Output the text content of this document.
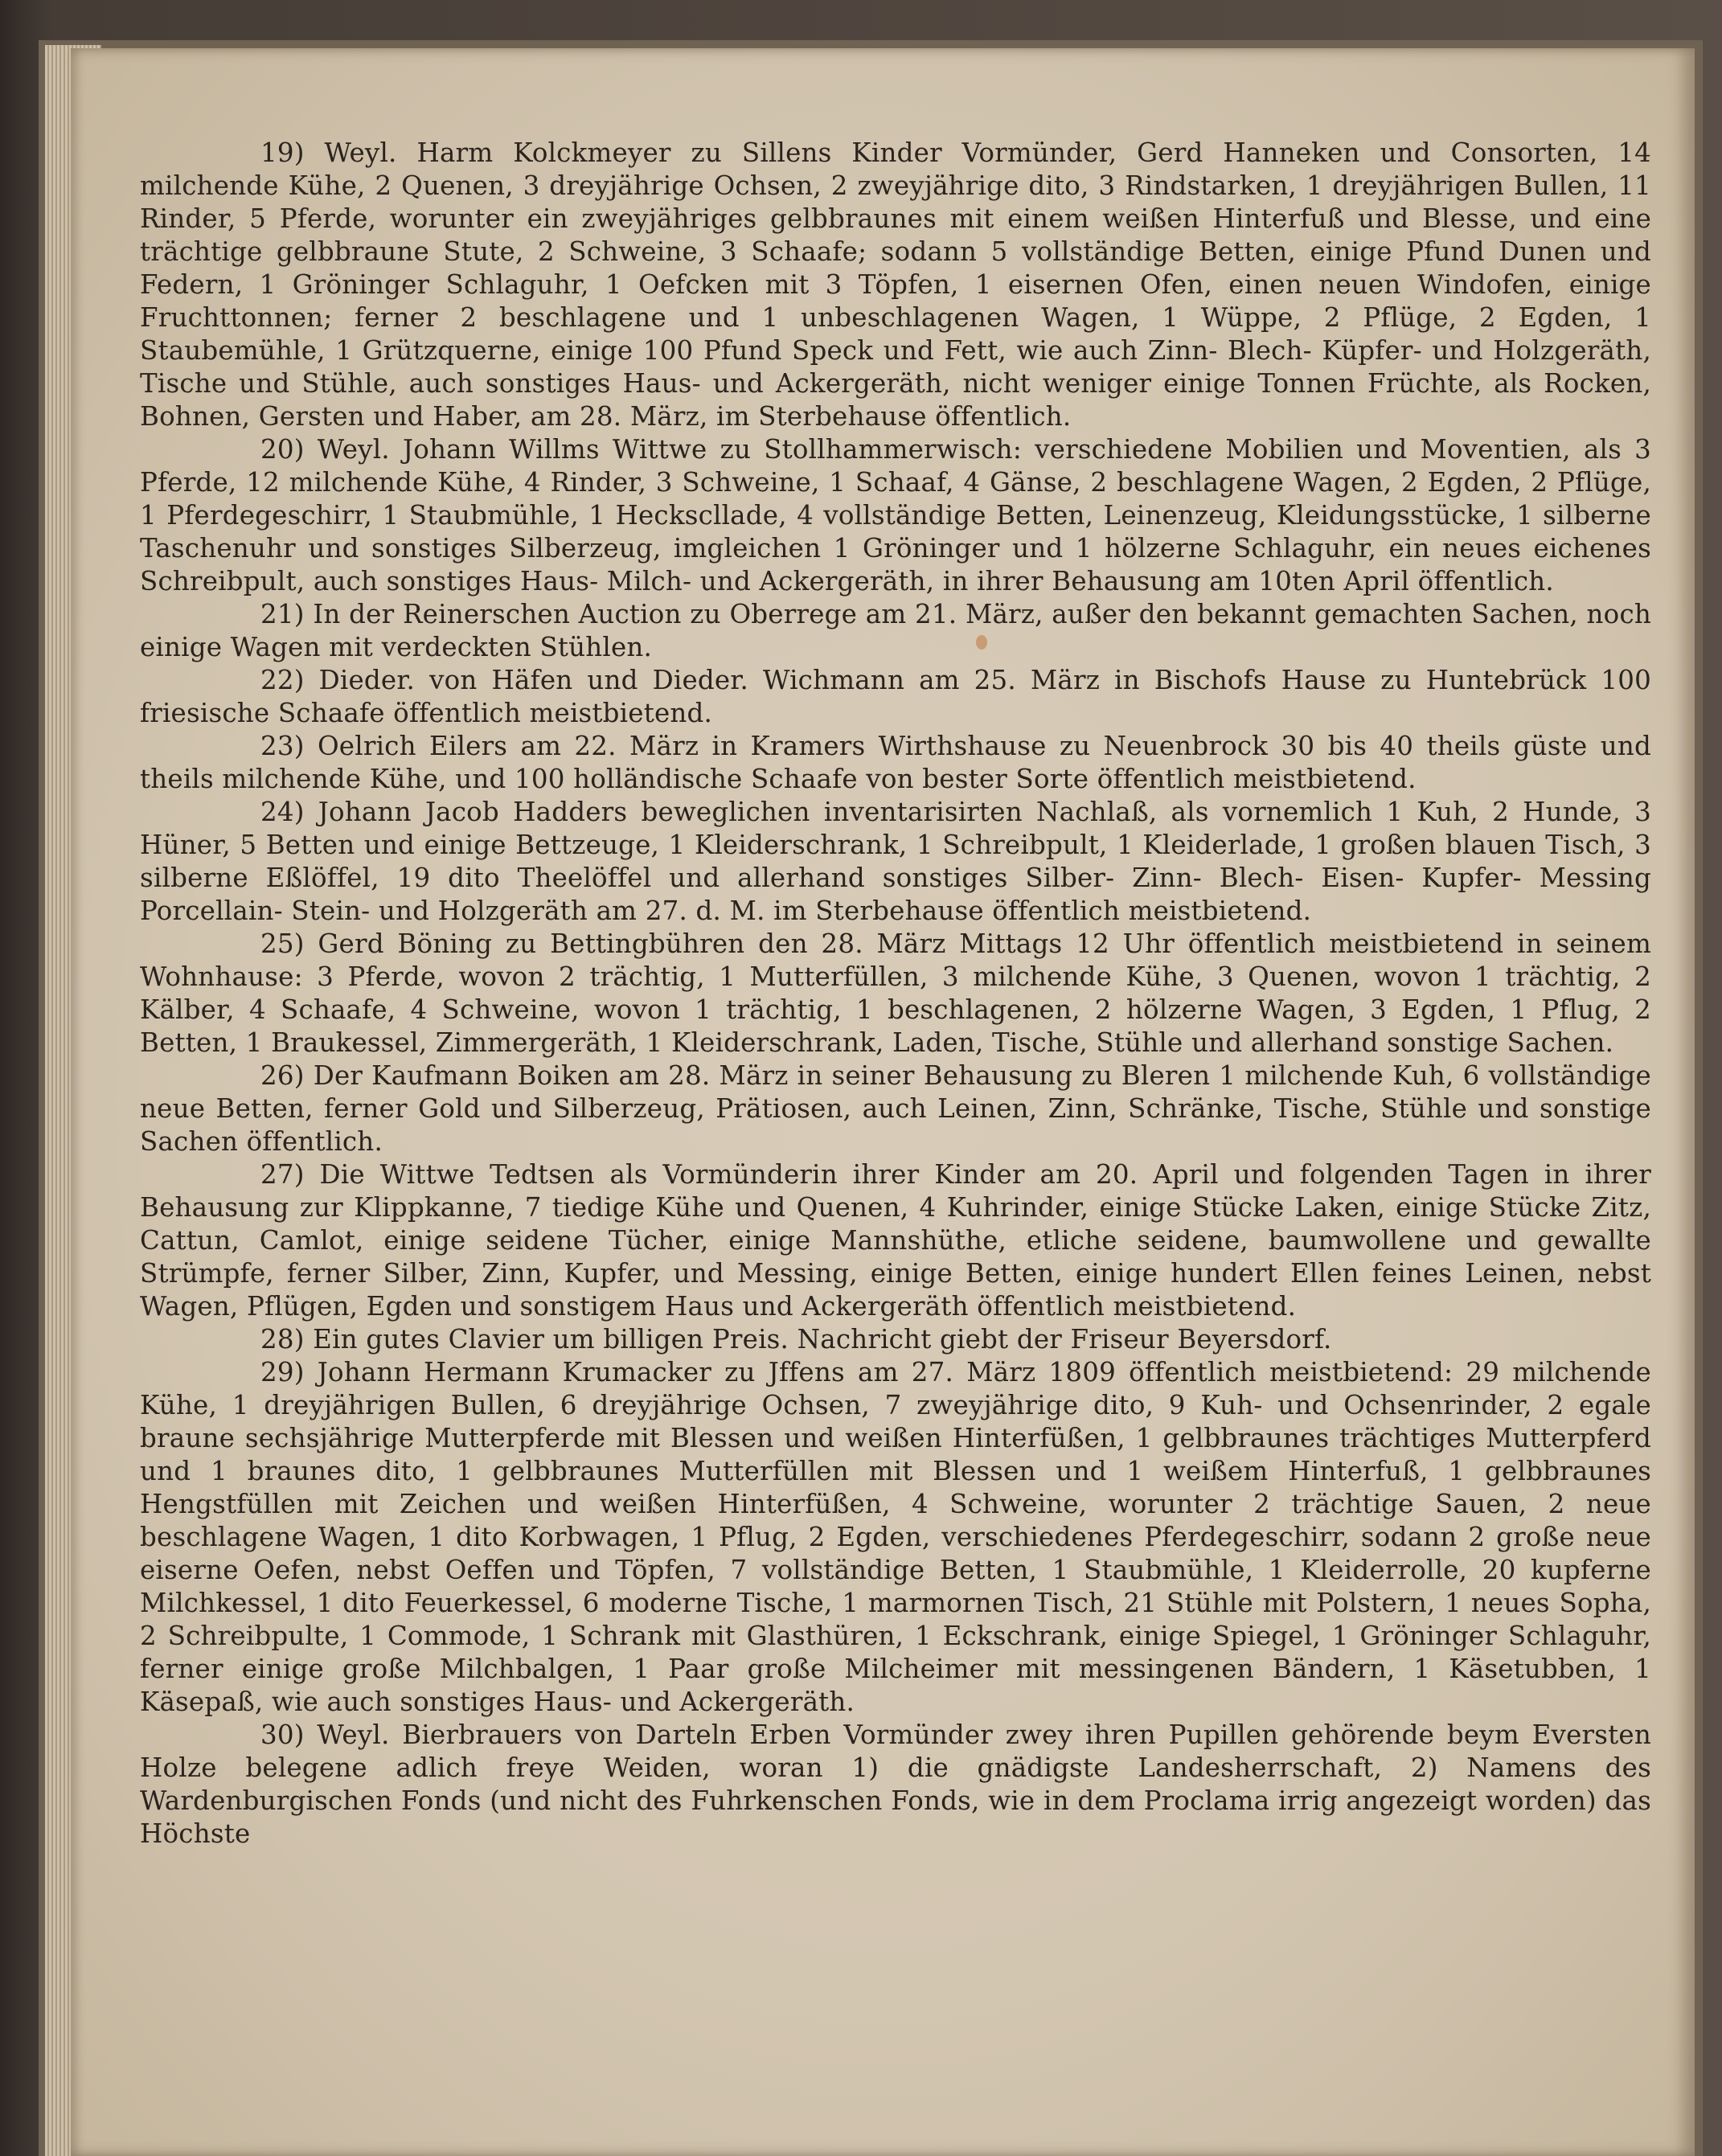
19) Weyl. Harm Kolckmeyer zu Sillens Kinder Vormünder, Gerd Hanneken und Consorten, 14 milchende Kühe, 2 Quenen, 3 dreyjährige Ochsen, 2 zweyjährige dito, 3 Rindstarken, 1 dreyjährigen Bullen, 11 Rinder, 5 Pferde, worunter ein zweyjähriges gelbbraunes mit einem weißen Hinterfuß und Blesse, und eine trächtige gelbbraune Stute, 2 Schweine, 3 Schaafe; sodann 5 vollständige Betten, einige Pfund Dunen und Federn, 1 Gröninger Schlaguhr, 1 Oefcken mit 3 Töpfen, 1 eisernen Ofen, einen neuen Windofen, einige Fruchttonnen; ferner 2 beschlagene und 1 unbeschlagenen Wagen, 1 Wüppe, 2 Pflüge, 2 Egden, 1 Staubemühle, 1 Grützquerne, einige 100 Pfund Speck und Fett, wie auch Zinn- Blech- Küpfer- und Holzgeräth, Tische und Stühle, auch sonstiges Haus- und Ackergeräth, nicht weniger einige Tonnen Früchte, als Rocken, Bohnen, Gersten und Haber, am 28. März, im Sterbehause öffentlich.

20) Weyl. Johann Willms Wittwe zu Stollhammerwisch: verschiedene Mobilien und Moventien, als 3 Pferde, 12 milchende Kühe, 4 Rinder, 3 Schweine, 1 Schaaf, 4 Gänse, 2 beschlagene Wagen, 2 Egden, 2 Pflüge, 1 Pferdegeschirr, 1 Staubmühle, 1 Heckscllade, 4 vollständige Betten, Leinenzeug, Kleidungsstücke, 1 silberne Taschenuhr und sonstiges Silberzeug, imgleichen 1 Gröninger und 1 hölzerne Schlaguhr, ein neues eichenes Schreibpult, auch sonstiges Haus- Milch- und Ackergeräth, in ihrer Behausung am 10ten April öffentlich.

21) In der Reinerschen Auction zu Oberrege am 21. März, außer den bekannt gemachten Sachen, noch einige Wagen mit verdeckten Stühlen.

22) Dieder. von Häfen und Dieder. Wichmann am 25. März in Bischofs Hause zu Huntebrück 100 friesische Schaafe öffentlich meistbietend.

23) Oelrich Eilers am 22. März in Kramers Wirthshause zu Neuenbrock 30 bis 40 theils güste und theils milchende Kühe, und 100 holländische Schaafe von bester Sorte öffentlich meistbietend.

24) Johann Jacob Hadders beweglichen inventarisirten Nachlaß, als vornemlich 1 Kuh, 2 Hunde, 3 Hüner, 5 Betten und einige Bettzeuge, 1 Kleiderschrank, 1 Schreibpult, 1 Kleiderlade, 1 großen blauen Tisch, 3 silberne Eßlöffel, 19 dito Theelöffel und allerhand sonstiges Silber- Zinn- Blech- Eisen- Kupfer- Messing Porcellain- Stein- und Holzgeräth am 27. d. M. im Sterbehause öffentlich meistbietend.

25) Gerd Böning zu Bettingbühren den 28. März Mittags 12 Uhr öffentlich meistbietend in seinem Wohnhause: 3 Pferde, wovon 2 trächtig, 1 Mutterfüllen, 3 milchende Kühe, 3 Quenen, wovon 1 trächtig, 2 Kälber, 4 Schaafe, 4 Schweine, wovon 1 trächtig, 1 beschlagenen, 2 hölzerne Wagen, 3 Egden, 1 Pflug, 2 Betten, 1 Braukessel, Zimmergeräth, 1 Kleiderschrank, Laden, Tische, Stühle und allerhand sonstige Sachen.

26) Der Kaufmann Boiken am 28. März in seiner Behausung zu Bleren 1 milchende Kuh, 6 vollständige neue Betten, ferner Gold und Silberzeug, Prätiosen, auch Leinen, Zinn, Schränke, Tische, Stühle und sonstige Sachen öffentlich.

27) Die Wittwe Tedtsen als Vormünderin ihrer Kinder am 20. April und folgenden Tagen in ihrer Behausung zur Klippkanne, 7 tiedige Kühe und Quenen, 4 Kuhrinder, einige Stücke Laken, einige Stücke Zitz, Cattun, Camlot, einige seidene Tücher, einige Mannshüthe, etliche seidene, baumwollene und gewallte Strümpfe, ferner Silber, Zinn, Kupfer, und Messing, einige Betten, einige hundert Ellen feines Leinen, nebst Wagen, Pflügen, Egden und sonstigem Haus und Ackergeräth öffentlich meistbietend.

28) Ein gutes Clavier um billigen Preis. Nachricht giebt der Friseur Beyersdorf.

29) Johann Hermann Krumacker zu Jffens am 27. März 1809 öffentlich meistbietend: 29 milchende Kühe, 1 dreyjährigen Bullen, 6 dreyjährige Ochsen, 7 zweyjährige dito, 9 Kuh- und Ochsenrinder, 2 egale braune sechsjährige Mutterpferde mit Blessen und weißen Hinterfüßen, 1 gelbbraunes trächtiges Mutterpferd und 1 braunes dito, 1 gelbbraunes Mutterfüllen mit Blessen und 1 weißem Hinterfuß, 1 gelbbraunes Hengstfüllen mit Zeichen und weißen Hinterfüßen, 4 Schweine, worunter 2 trächtige Sauen, 2 neue beschlagene Wagen, 1 dito Korbwagen, 1 Pflug, 2 Egden, verschiedenes Pferdegeschirr, sodann 2 große neue eiserne Oefen, nebst Oeffen und Töpfen, 7 vollständige Betten, 1 Staubmühle, 1 Kleiderrolle, 20 kupferne Milchkessel, 1 dito Feuerkessel, 6 moderne Tische, 1 marmornen Tisch, 21 Stühle mit Polstern, 1 neues Sopha, 2 Schreibpulte, 1 Commode, 1 Schrank mit Glasthüren, 1 Eckschrank, einige Spiegel, 1 Gröninger Schlaguhr, ferner einige große Milchbalgen, 1 Paar große Milcheimer mit messingenen Bändern, 1 Käsetubben, 1 Käsepaß, wie auch sonstiges Haus- und Ackergeräth.

30) Weyl. Bierbrauers von Darteln Erben Vormünder zwey ihren Pupillen gehörende beym Eversten Holze belegene adlich freye Weiden, woran 1) die gnädigste Landesherrschaft, 2) Namens des Wardenburgischen Fonds (und nicht des Fuhrkenschen Fonds, wie in dem Proclama irrig angezeigt worden) das Höchste
